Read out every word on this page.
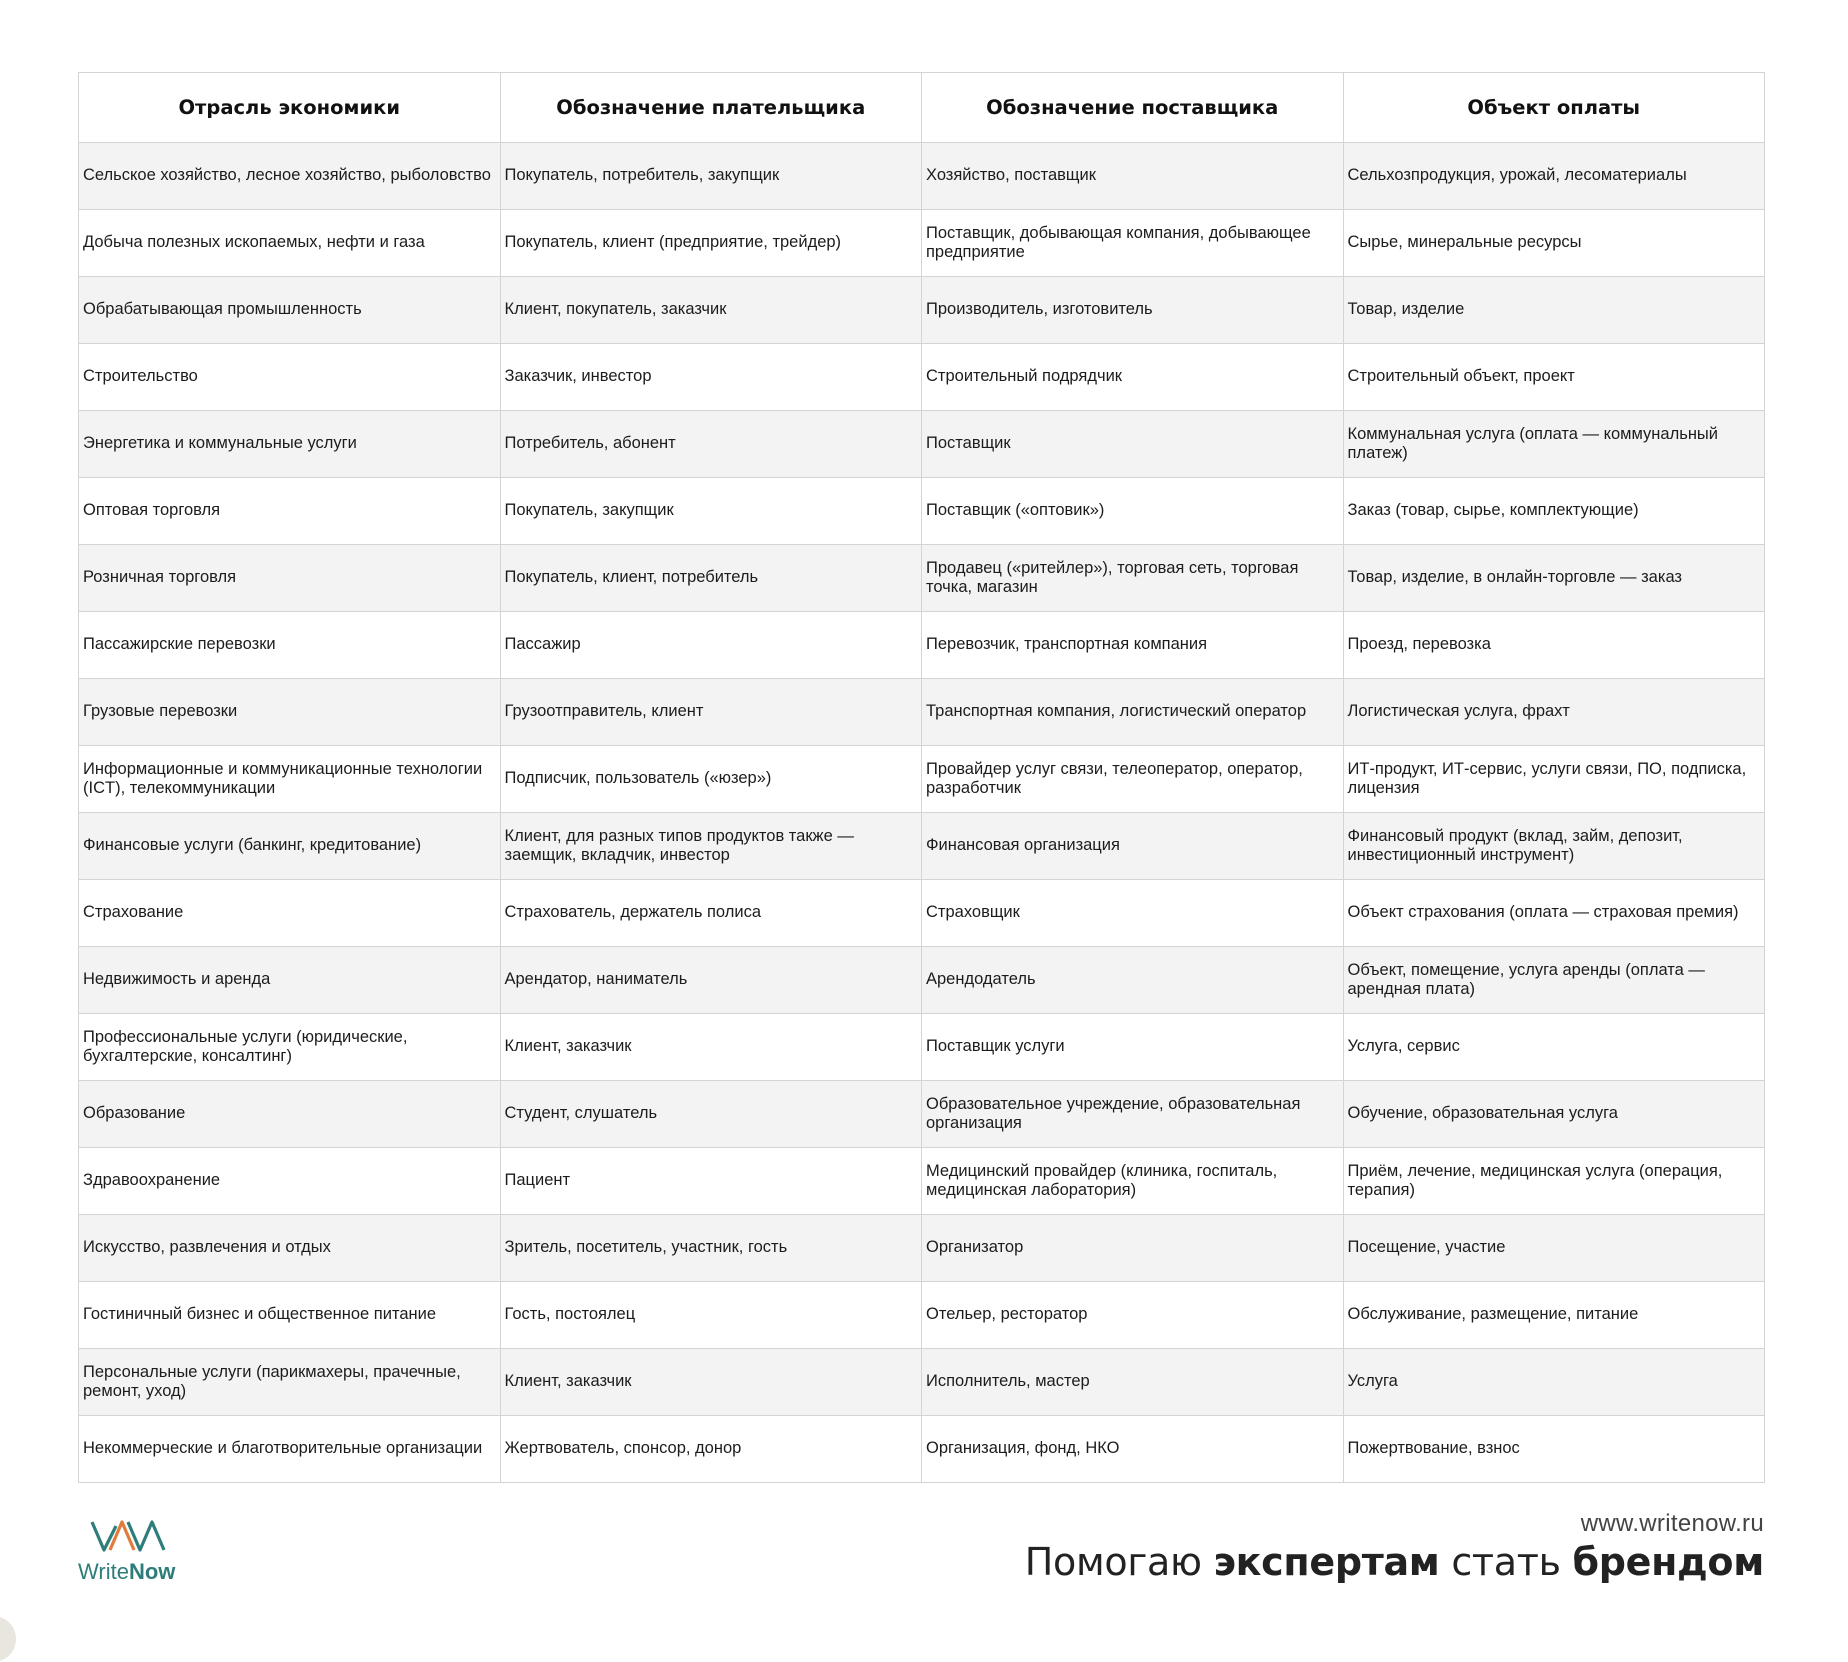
Отрасль экономики	Обозначение плательщика	Обозначение поставщика	Объект оплаты
Сельское хозяйство, лесное хозяйство, рыболовство	Покупатель, потребитель, закупщик	Хозяйство, поставщик	Сельхозпродукция, урожай, лесоматериалы
Добыча полезных ископаемых, нефти и газа	Покупатель, клиент (предприятие, трейдер)	Поставщик, добывающая компания, добывающее предприятие	Сырье, минеральные ресурсы
Обрабатывающая промышленность	Клиент, покупатель, заказчик	Производитель, изготовитель	Товар, изделие
Строительство	Заказчик, инвестор	Строительный подрядчик	Строительный объект, проект
Энергетика и коммунальные услуги	Потребитель, абонент	Поставщик	Коммунальная услуга (оплата — коммунальный платеж)
Оптовая торговля	Покупатель, закупщик	Поставщик («оптовик»)	Заказ (товар, сырье, комплектующие)
Розничная торговля	Покупатель, клиент, потребитель	Продавец («ритейлер»), торговая сеть, торговая точка, магазин	Товар, изделие, в онлайн-торговле — заказ
Пассажирские перевозки	Пассажир	Перевозчик, транспортная компания	Проезд, перевозка
Грузовые перевозки	Грузоотправитель, клиент	Транспортная компания, логистический оператор	Логистическая услуга, фрахт
Информационные и коммуникационные технологии (ICT), телекоммуникации	Подписчик, пользователь («юзер»)	Провайдер услуг связи, телеоператор, оператор, разработчик	ИТ-продукт, ИТ-сервис, услуги связи, ПО, подписка, лицензия
Финансовые услуги (банкинг, кредитование)	Клиент, для разных типов продуктов также — заемщик, вкладчик, инвестор	Финансовая организация	Финансовый продукт (вклад, займ, депозит, инвестиционный инструмент)
Страхование	Страхователь, держатель полиса	Страховщик	Объект страхования (оплата — страховая премия)
Недвижимость и аренда	Арендатор, наниматель	Арендодатель	Объект, помещение, услуга аренды (оплата — арендная плата)
Профессиональные услуги (юридические, бухгалтерские, консалтинг)	Клиент, заказчик	Поставщик услуги	Услуга, сервис
Образование	Студент, слушатель	Образовательное учреждение, образовательная организация	Обучение, образовательная услуга
Здравоохранение	Пациент	Медицинский провайдер (клиника, госпиталь, медицинская лаборатория)	Приём, лечение, медицинская услуга (операция, терапия)
Искусство, развлечения и отдых	Зритель, посетитель, участник, гость	Организатор	Посещение, участие
Гостиничный бизнес и общественное питание	Гость, постоялец	Отельер, ресторатор	Обслуживание, размещение, питание
Персональные услуги (парикмахеры, прачечные, ремонт, уход)	Клиент, заказчик	Исполнитель, мастер	Услуга
Некоммерческие и благотворительные организации	Жертвователь, спонсор, донор	Организация, фонд, НКО	Пожертвование, взнос
WriteNow
www.writenow.ru
Помогаю экспертам стать брендом
